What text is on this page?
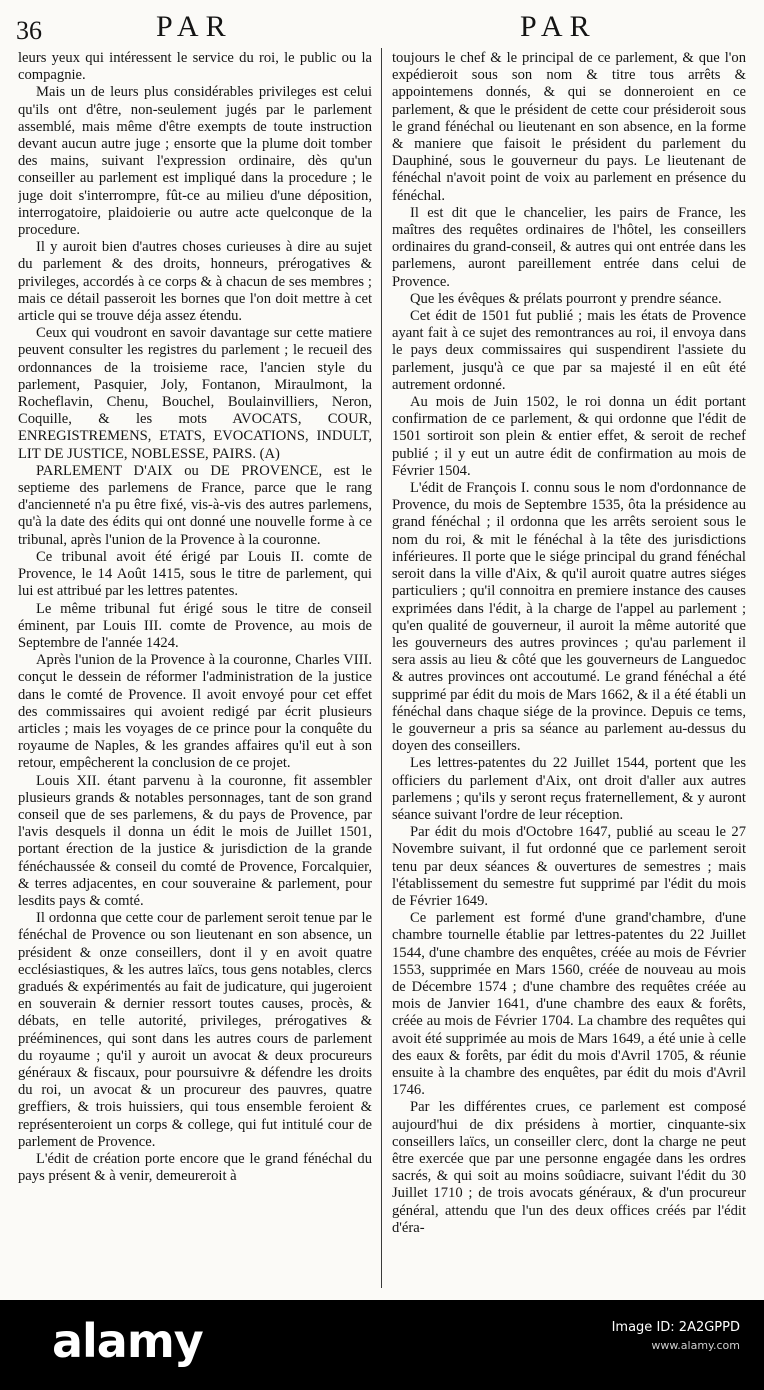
36	PAR	PAR

leurs yeux qui intéressent le service du roi, le public ou la compagnie.

Mais un de leurs plus considérables privileges est celui qu'ils ont d'être, non-seulement jugés par le parlement assemblé, mais même d'être exempts de toute instruction devant aucun autre juge ; ensorte que la plume doit tomber des mains, suivant l'expression ordinaire, dès qu'un conseiller au parlement est impliqué dans la procedure ; le juge doit s'interrompre, fût-ce au milieu d'une déposition, interrogatoire, plaidoierie ou autre acte quelconque de la procedure.

Il y auroit bien d'autres choses curieuses à dire au sujet du parlement & des droits, honneurs, prérogatives & privileges, accordés à ce corps & à chacun de ses membres ; mais ce détail passeroit les bornes que l'on doit mettre à cet article qui se trouve déja assez étendu.

Ceux qui voudront en savoir davantage sur cette matiere peuvent consulter les registres du parlement ; le recueil des ordonnances de la troisieme race, l'ancien style du parlement, Pasquier, Joly, Fontanon, Miraulmont, la Rocheflavin, Chenu, Bouchel, Boulainvilliers, Neron, Coquille, & les mots AVOCATS, COUR, ENREGISTREMENS, ETATS, EVOCATIONS, INDULT, LIT DE JUSTICE, NOBLESSE, PAIRS. (A)

PARLEMENT D'AIX ou DE PROVENCE, est le septieme des parlemens de France, parce que le rang d'ancienneté n'a pu être fixé, vis-à-vis des autres parlemens, qu'à la date des édits qui ont donné une nouvelle forme à ce tribunal, après l'union de la Provence à la couronne.

Ce tribunal avoit été érigé par Louis II. comte de Provence, le 14 Août 1415, sous le titre de parlement, qui lui est attribué par les lettres patentes.

Le même tribunal fut érigé sous le titre de conseil éminent, par Louis III. comte de Provence, au mois de Septembre de l'année 1424.

Après l'union de la Provence à la couronne, Charles VIII. conçut le dessein de réformer l'administration de la justice dans le comté de Provence. Il avoit envoyé pour cet effet des commissaires qui avoient redigé par écrit plusieurs articles ; mais les voyages de ce prince pour la conquête du royaume de Naples, & les grandes affaires qu'il eut à son retour, empêcherent la conclusion de ce projet.

Louis XII. étant parvenu à la couronne, fit assembler plusieurs grands & notables personnages, tant de son grand conseil que de ses parlemens, & du pays de Provence, par l'avis desquels il donna un édit le mois de Juillet 1501, portant érection de la justice & jurisdiction de la grande fénéchaussée & conseil du comté de Provence, Forcalquier, & terres adjacentes, en cour souveraine & parlement, pour lesdits pays & comté.

Il ordonna que cette cour de parlement seroit tenue par le fénéchal de Provence ou son lieutenant en son absence, un président & onze conseillers, dont il y en avoit quatre ecclésiastiques, & les autres laïcs, tous gens notables, clercs gradués & expérimentés au fait de judicature, qui jugeroient en souverain & dernier ressort toutes causes, procès, & débats, en telle autorité, privileges, prérogatives & prééminences, qui sont dans les autres cours de parlement du royaume ; qu'il y auroit un avocat & deux procureurs généraux & fiscaux, pour poursuivre & défendre les droits du roi, un avocat & un procureur des pauvres, quatre greffiers, & trois huissiers, qui tous ensemble feroient & représenteroient un corps & college, qui fut intitulé cour de parlement de Provence.

L'édit de création porte encore que le grand fénéchal du pays présent & à venir, demeureroit à

toujours le chef & le principal de ce parlement, & que l'on expédieroit sous son nom & titre tous arrêts & appointemens donnés, & qui se donneroient en ce parlement, & que le président de cette cour présideroit sous le grand fénéchal ou lieutenant en son absence, en la forme & maniere que faisoit le président du parlement du Dauphiné, sous le gouverneur du pays. Le lieutenant de fénéchal n'avoit point de voix au parlement en présence du fénéchal.

Il est dit que le chancelier, les pairs de France, les maîtres des requêtes ordinaires de l'hôtel, les conseillers ordinaires du grand-conseil, & autres qui ont entrée dans les parlemens, auront pareillement entrée dans celui de Provence.

Que les évêques & prélats pourront y prendre séance.

Cet édit de 1501 fut publié ; mais les états de Provence ayant fait à ce sujet des remontrances au roi, il envoya dans le pays deux commissaires qui suspendirent l'assiete du parlement, jusqu'à ce que par sa majesté il en eût été autrement ordonné.

Au mois de Juin 1502, le roi donna un édit portant confirmation de ce parlement, & qui ordonne que l'édit de 1501 sortiroit son plein & entier effet, & seroit de rechef publié ; il y eut un autre édit de confirmation au mois de Février 1504.

L'édit de François I. connu sous le nom d'ordonnance de Provence, du mois de Septembre 1535, ôta la présidence au grand fénéchal ; il ordonna que les arrêts seroient sous le nom du roi, & mit le fénéchal à la tête des jurisdictions inférieures. Il porte que le siége principal du grand fénéchal seroit dans la ville d'Aix, & qu'il auroit quatre autres siéges particuliers ; qu'il connoitra en premiere instance des causes exprimées dans l'édit, à la charge de l'appel au parlement ; qu'en qualité de gouverneur, il auroit la même autorité que les gouverneurs des autres provinces ; qu'au parlement il sera assis au lieu & côté que les gouverneurs de Languedoc & autres provinces ont accoutumé. Le grand fénéchal a été supprimé par édit du mois de Mars 1662, & il a été établi un fénéchal dans chaque siége de la province. Depuis ce tems, le gouverneur a pris sa séance au parlement au-dessus du doyen des conseillers.

Les lettres-patentes du 22 Juillet 1544, portent que les officiers du parlement d'Aix, ont droit d'aller aux autres parlemens ; qu'ils y seront reçus fraternellement, & y auront séance suivant l'ordre de leur réception.

Par édit du mois d'Octobre 1647, publié au sceau le 27 Novembre suivant, il fut ordonné que ce parlement seroit tenu par deux séances & ouvertures de semestres ; mais l'établissement du semestre fut supprimé par l'édit du mois de Février 1649.

Ce parlement est formé d'une grand'chambre, d'une chambre tournelle établie par lettres-patentes du 22 Juillet 1544, d'une chambre des enquêtes, créée au mois de Février 1553, supprimée en Mars 1560, créée de nouveau au mois de Décembre 1574 ; d'une chambre des requêtes créée au mois de Janvier 1641, d'une chambre des eaux & forêts, créée au mois de Février 1704. La chambre des requêtes qui avoit été supprimée au mois de Mars 1649, a été unie à celle des eaux & forêts, par édit du mois d'Avril 1705, & réunie ensuite à la chambre des enquêtes, par édit du mois d'Avril 1746.

Par les différentes crues, ce parlement est composé aujourd'hui de dix présidens à mortier, cinquante-six conseillers laïcs, un conseiller clerc, dont la charge ne peut être exercée que par une personne engagée dans les ordres sacrés, & qui soit au moins soûdiacre, suivant l'édit du 30 Juillet 1710 ; de trois avocats généraux, & d'un procureur général, attendu que l'un des deux offices créés par l'édit d'éra-

alamy	Image ID: 2A2GPPD
www.alamy.com
